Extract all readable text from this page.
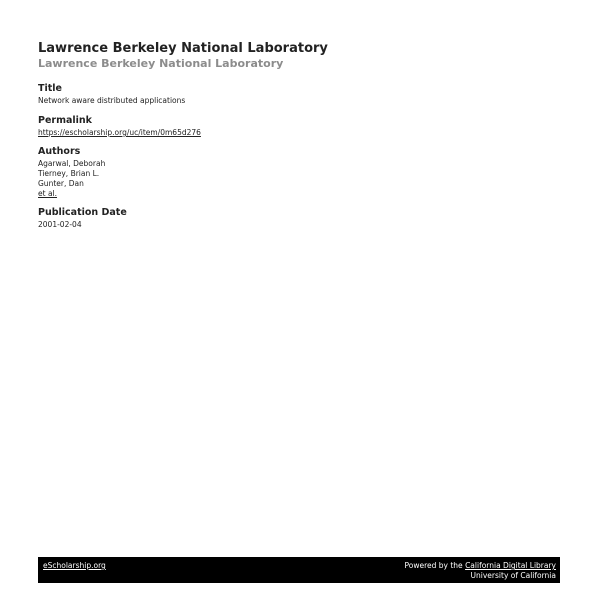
Lawrence Berkeley National Laboratory

Lawrence Berkeley National Laboratory

Title

Network aware distributed applications

Permalink

https://escholarship.org/uc/item/0m65d276

Authors

Agarwal, Deborah
Tierney, Brian L.
Gunter, Dan
et al.

Publication Date

2001-02-04

eScholarship.org	Powered by the California Digital Library
University of California
